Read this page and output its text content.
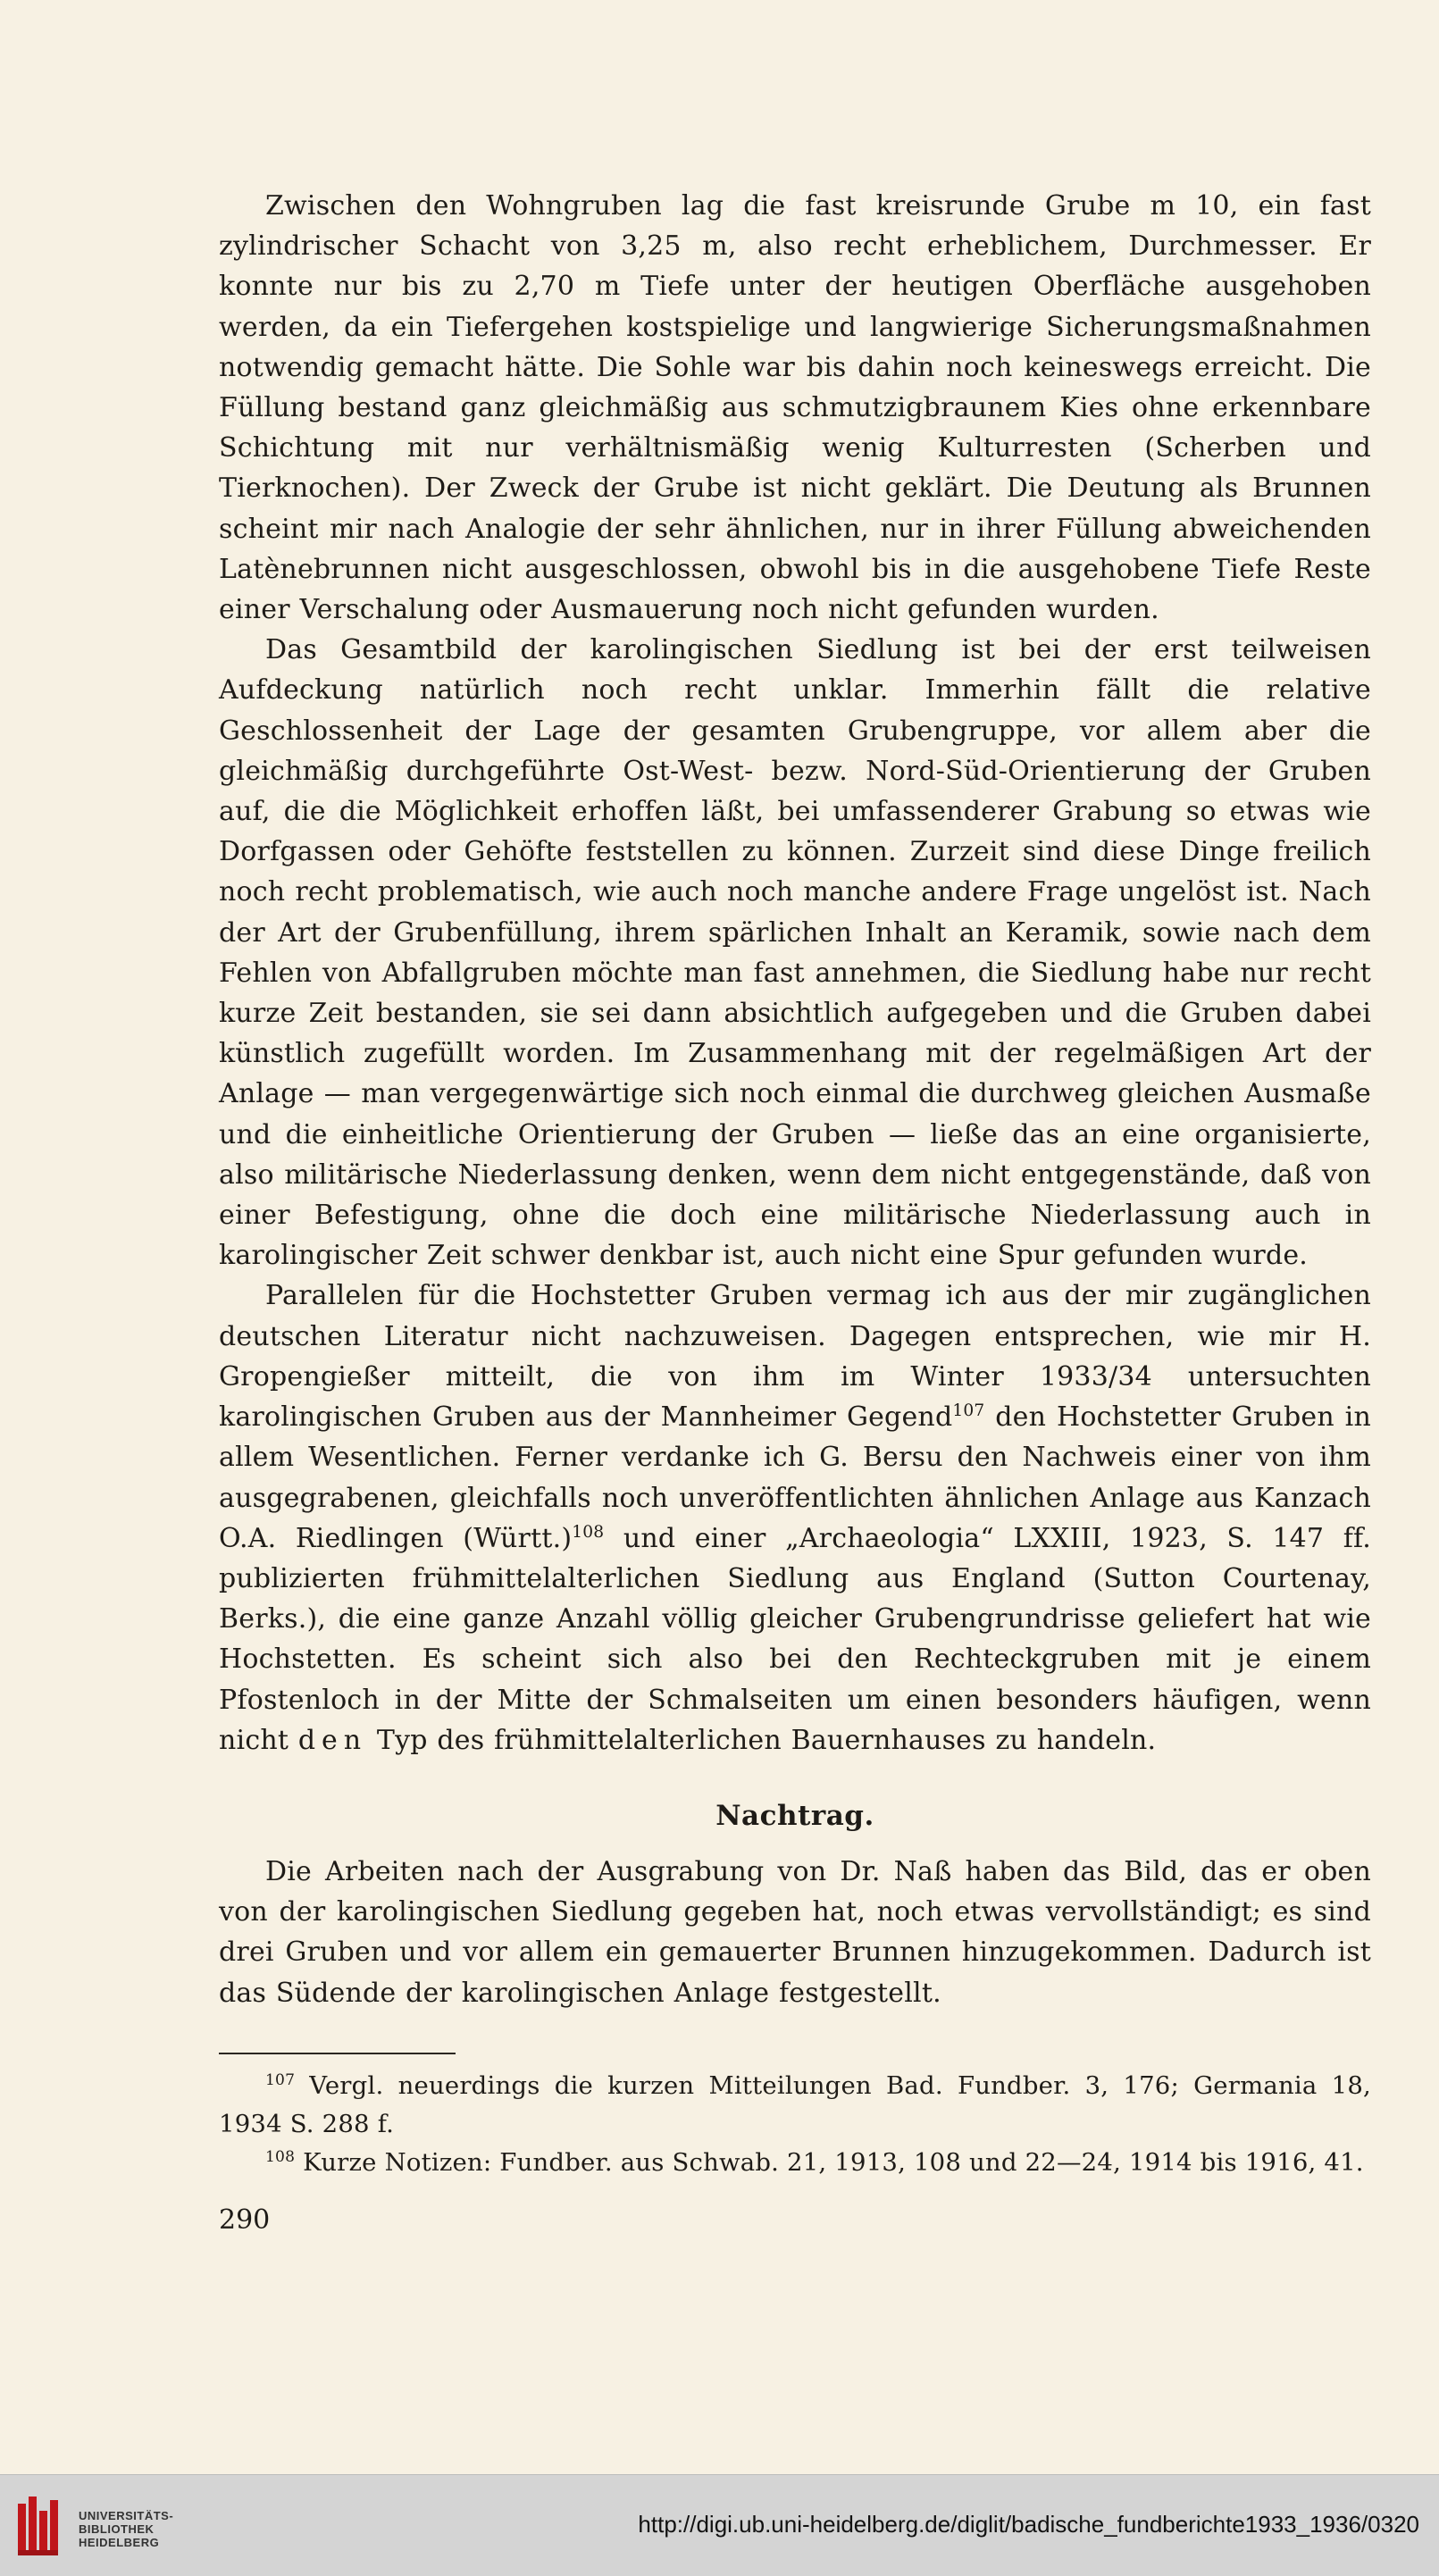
Zwischen den Wohngruben lag die fast kreisrunde Grube m 10, ein fast zylindrischer Schacht von 3,25 m, also recht erheblichem, Durchmesser. Er konnte nur bis zu 2,70 m Tiefe unter der heutigen Oberfläche ausgehoben werden, da ein Tiefergehen kostspielige und langwierige Sicherungsmaßnahmen notwendig gemacht hätte. Die Sohle war bis dahin noch keineswegs erreicht. Die Füllung bestand ganz gleichmäßig aus schmutzigbraunem Kies ohne erkennbare Schichtung mit nur verhältnismäßig wenig Kulturresten (Scherben und Tierknochen). Der Zweck der Grube ist nicht geklärt. Die Deutung als Brunnen scheint mir nach Analogie der sehr ähnlichen, nur in ihrer Füllung abweichenden Latènebrunnen nicht ausgeschlossen, obwohl bis in die ausgehobene Tiefe Reste einer Verschalung oder Ausmauerung noch nicht gefunden wurden.

Das Gesamtbild der karolingischen Siedlung ist bei der erst teilweisen Aufdeckung natürlich noch recht unklar. Immerhin fällt die relative Geschlossenheit der Lage der gesamten Grubengruppe, vor allem aber die gleichmäßig durchgeführte Ost-West- bezw. Nord-Süd-Orientierung der Gruben auf, die die Möglichkeit erhoffen läßt, bei umfassenderer Grabung so etwas wie Dorfgassen oder Gehöfte feststellen zu können. Zurzeit sind diese Dinge freilich noch recht problematisch, wie auch noch manche andere Frage ungelöst ist. Nach der Art der Grubenfüllung, ihrem spärlichen Inhalt an Keramik, sowie nach dem Fehlen von Abfallgruben möchte man fast annehmen, die Siedlung habe nur recht kurze Zeit bestanden, sie sei dann absichtlich aufgegeben und die Gruben dabei künstlich zugefüllt worden. Im Zusammenhang mit der regelmäßigen Art der Anlage — man vergegenwärtige sich noch einmal die durchweg gleichen Ausmaße und die einheitliche Orientierung der Gruben — ließe das an eine organisierte, also militärische Niederlassung denken, wenn dem nicht entgegenstände, daß von einer Befestigung, ohne die doch eine militärische Niederlassung auch in karolingischer Zeit schwer denkbar ist, auch nicht eine Spur gefunden wurde.

Parallelen für die Hochstetter Gruben vermag ich aus der mir zugänglichen deutschen Literatur nicht nachzuweisen. Dagegen entsprechen, wie mir H. Gropengießer mitteilt, die von ihm im Winter 1933/34 untersuchten karolingischen Gruben aus der Mannheimer Gegend$^{107}$ den Hochstetter Gruben in allem Wesentlichen. Ferner verdanke ich G. Bersu den Nachweis einer von ihm ausgegrabenen, gleichfalls noch unveröffentlichten ähnlichen Anlage aus Kanzach O.A. Riedlingen (Württ.)$^{108}$ und einer „Archaeologia“ LXXIII, 1923, S. 147 ff. publizierten frühmittelalterlichen Siedlung aus England (Sutton Courtenay, Berks.), die eine ganze Anzahl völlig gleicher Grubengrundrisse geliefert hat wie Hochstetten. Es scheint sich also bei den Rechteckgruben mit je einem Pfostenloch in der Mitte der Schmalseiten um einen besonders häufigen, wenn nicht den Typ des frühmittelalterlichen Bauernhauses zu handeln.

Nachtrag.

Die Arbeiten nach der Ausgrabung von Dr. Naß haben das Bild, das er oben von der karolingischen Siedlung gegeben hat, noch etwas vervollständigt; es sind drei Gruben und vor allem ein gemauerter Brunnen hinzugekommen. Dadurch ist das Südende der karolingischen Anlage festgestellt.

$^{107}$ Vergl. neuerdings die kurzen Mitteilungen Bad. Fundber. 3, 176; Germania 18, 1934 S. 288 f.

$^{108}$ Kurze Notizen: Fundber. aus Schwab. 21, 1913, 108 und 22—24, 1914 bis 1916, 41.

290
UNIVERSITÄTS-
BIBLIOTHEK
HEIDELBERG
http://digi.ub.uni-heidelberg.de/diglit/badische_fundberichte1933_1936/0320
